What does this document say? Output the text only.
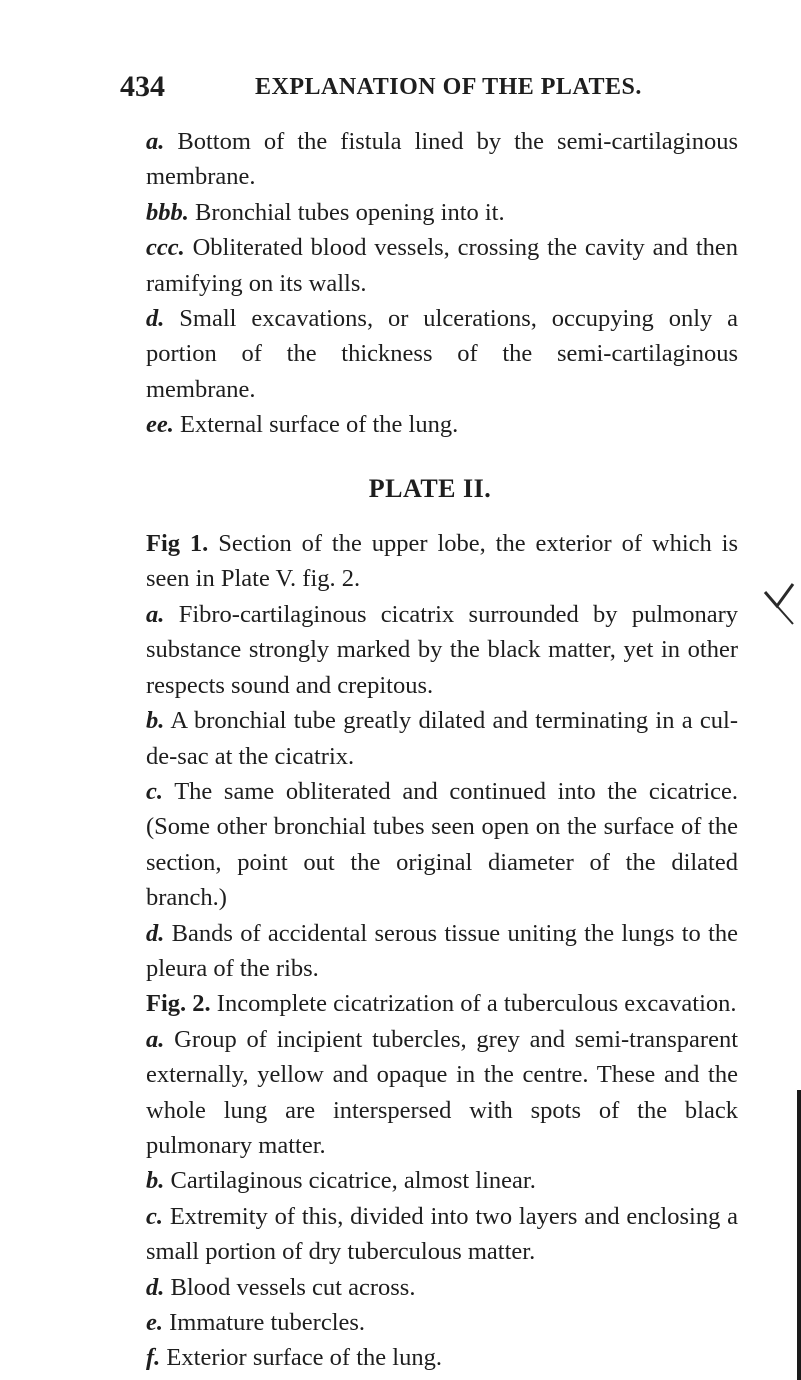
434	EXPLANATION OF THE PLATES.

a. Bottom of the fistula lined by the semi-cartilaginous membrane.

bbb. Bronchial tubes opening into it.

ccc. Obliterated blood vessels, crossing the cavity and then ramifying on its walls.

d. Small excavations, or ulcerations, occupying only a portion of the thickness of the semi-cartilaginous membrane.

ee. External surface of the lung.

PLATE II.

Fig 1. Section of the upper lobe, the exterior of which is seen in Plate V. fig. 2.

a. Fibro-cartilaginous cicatrix surrounded by pulmonary substance strongly marked by the black matter, yet in other respects sound and crepitous.

b. A bronchial tube greatly dilated and terminating in a cul-de-sac at the cicatrix.

c. The same obliterated and continued into the cicatrice. (Some other bronchial tubes seen open on the surface of the section, point out the original diameter of the dilated branch.)

d. Bands of accidental serous tissue uniting the lungs to the pleura of the ribs.

Fig. 2. Incomplete cicatrization of a tuberculous excavation.

a. Group of incipient tubercles, grey and semi-transparent externally, yellow and opaque in the centre. These and the whole lung are interspersed with spots of the black pulmonary matter.

b. Cartilaginous cicatrice, almost linear.

c. Extremity of this, divided into two layers and enclosing a small portion of dry tuberculous matter.

d. Blood vessels cut across.

e. Immature tubercles.

f. Exterior surface of the lung.
